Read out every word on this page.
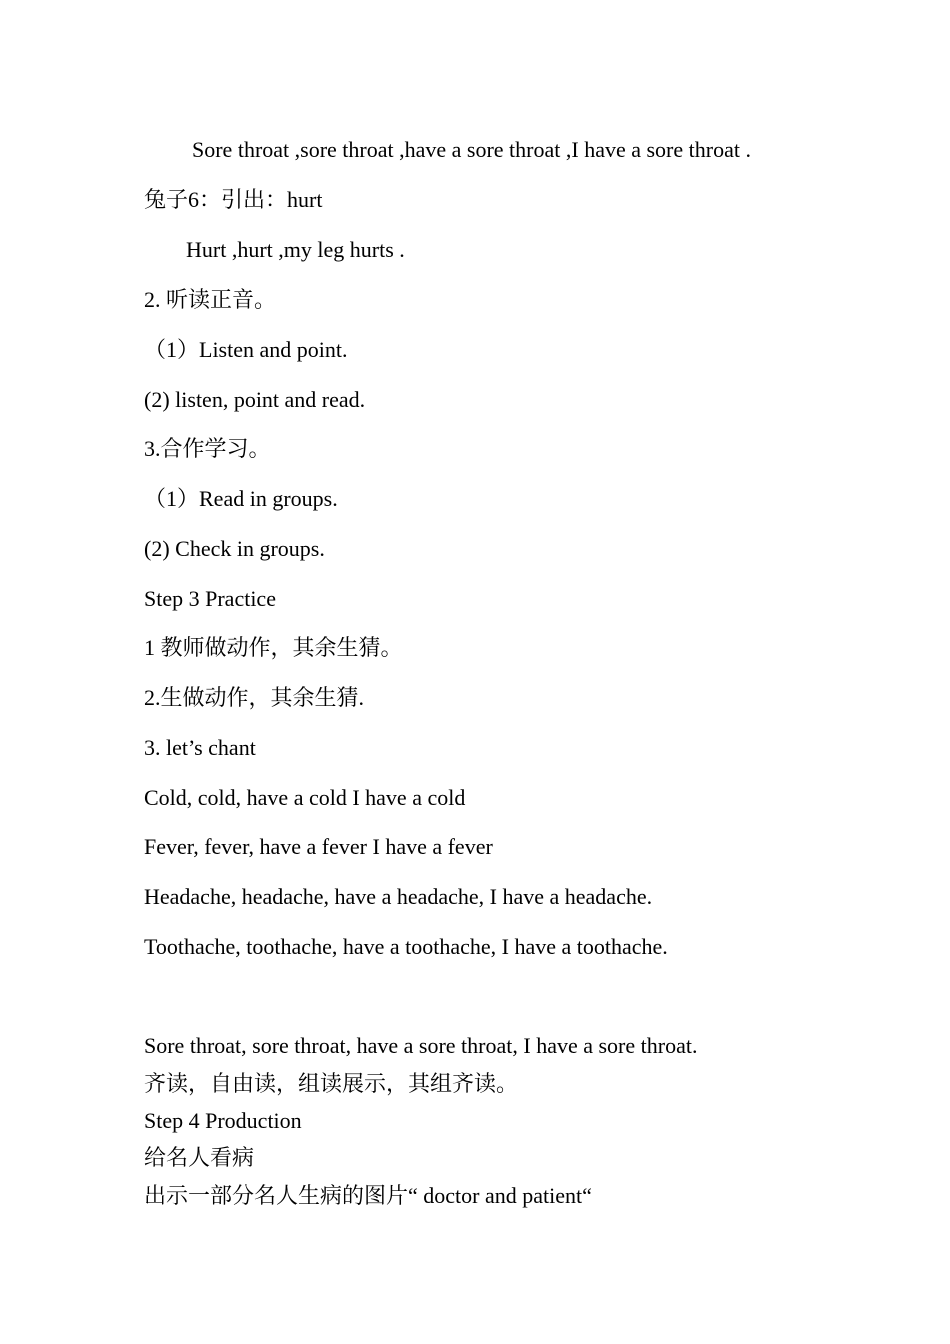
Sore throat ,sore throat ,have a sore throat ,I have a sore throat .
兔子6：引出：hurt
Hurt ,hurt ,my leg hurts .
2. 听读正音。
（1）Listen and point.
(2) listen, point and read.
3.合作学习。
（1）Read in groups.
(2) Check in groups.
Step 3 Practice
1 教师做动作，其余生猜。
2.生做动作，其余生猜.
3. let’s chant
Cold, cold, have a cold I have a cold
Fever, fever, have a fever I have a fever
Headache, headache, have a headache, I have a headache.
Toothache, toothache, have a toothache, I have a toothache.
Sore throat, sore throat, have a sore throat, I have a sore throat.
齐读，自由读，组读展示，其组齐读。
Step 4 Production
给名人看病
出示一部分名人生病的图片“ doctor and patient“
